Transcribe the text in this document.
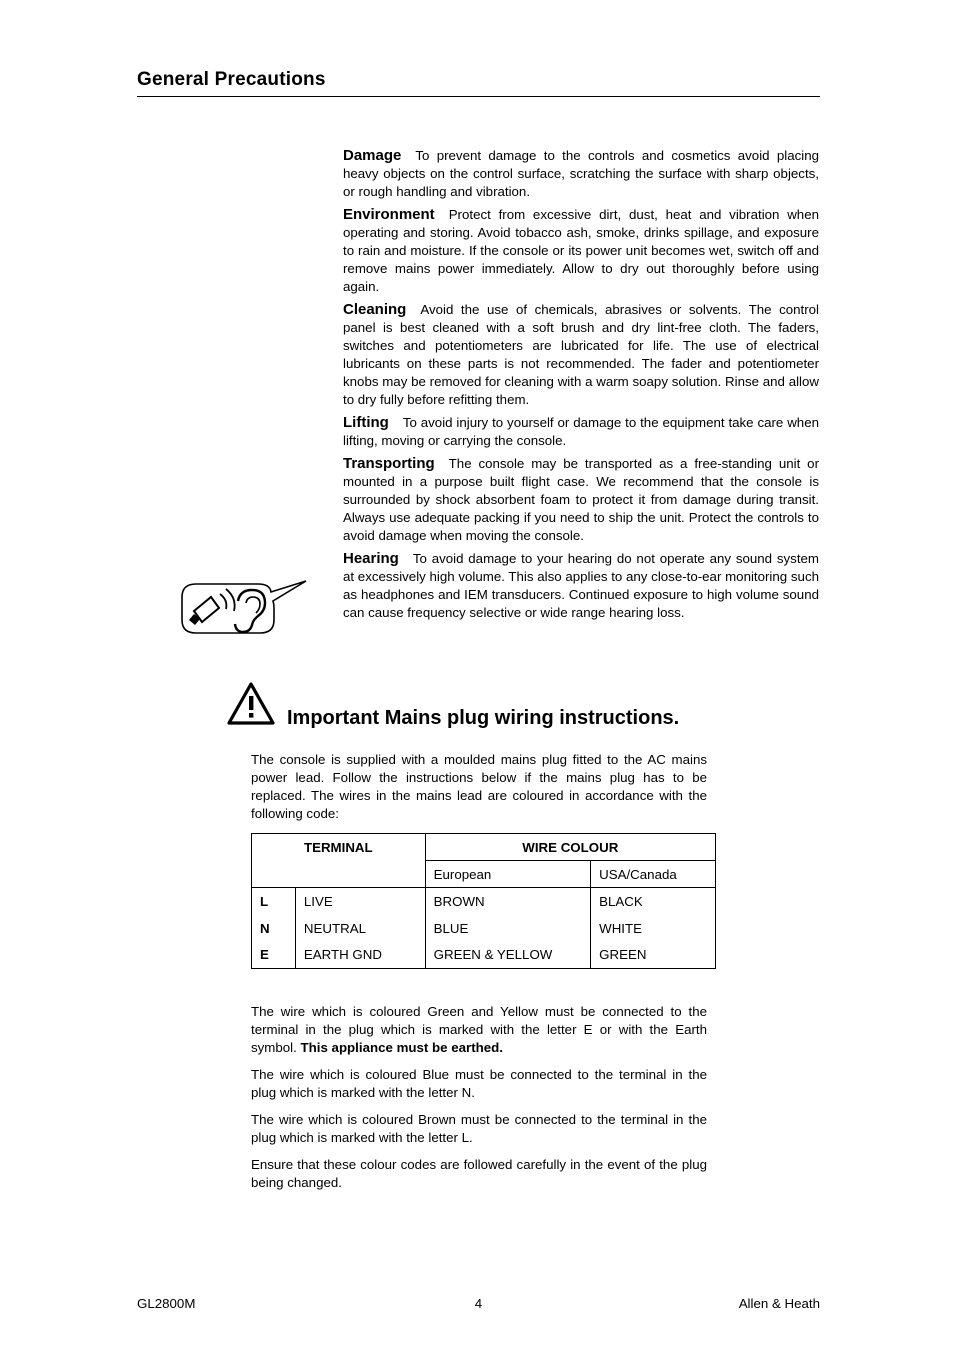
General Precautions

Damage To prevent damage to the controls and cosmetics avoid placing heavy objects on the control surface, scratching the surface with sharp objects, or rough handling and vibration.

Environment Protect from excessive dirt, dust, heat and vibration when operating and storing. Avoid tobacco ash, smoke, drinks spillage, and exposure to rain and moisture. If the console or its power unit becomes wet, switch off and remove mains power immediately. Allow to dry out thoroughly before using again.

Cleaning Avoid the use of chemicals, abrasives or solvents. The control panel is best cleaned with a soft brush and dry lint-free cloth. The faders, switches and potentiometers are lubricated for life. The use of electrical lubricants on these parts is not recommended. The fader and potentiometer knobs may be removed for cleaning with a warm soapy solution. Rinse and allow to dry fully before refitting them.

Lifting To avoid injury to yourself or damage to the equipment take care when lifting, moving or carrying the console.

Transporting The console may be transported as a free-standing unit or mounted in a purpose built flight case. We recommend that the console is surrounded by shock absorbent foam to protect it from damage during transit. Always use adequate packing if you need to ship the unit. Protect the controls to avoid damage when moving the console.

Hearing To avoid damage to your hearing do not operate any sound system at excessively high volume. This also applies to any close-to-ear monitoring such as headphones and IEM transducers. Continued exposure to high volume sound can cause frequency selective or wide range hearing loss.

Important Mains plug wiring instructions.

The console is supplied with a moulded mains plug fitted to the AC mains power lead. Follow the instructions below if the mains plug has to be replaced. The wires in the mains lead are coloured in accordance with the following code:

TERMINAL		WIRE COLOUR	
		European	USA/Canada
L	LIVE	BROWN	BLACK
N	NEUTRAL	BLUE	WHITE
E	EARTH GND	GREEN & YELLOW	GREEN

The wire which is coloured Green and Yellow must be connected to the terminal in the plug which is marked with the letter E or with the Earth symbol. This appliance must be earthed.

The wire which is coloured Blue must be connected to the terminal in the plug which is marked with the letter N.

The wire which is coloured Brown must be connected to the terminal in the plug which is marked with the letter L.

Ensure that these colour codes are followed carefully in the event of the plug being changed.

GL2800M	4	Allen & Heath
